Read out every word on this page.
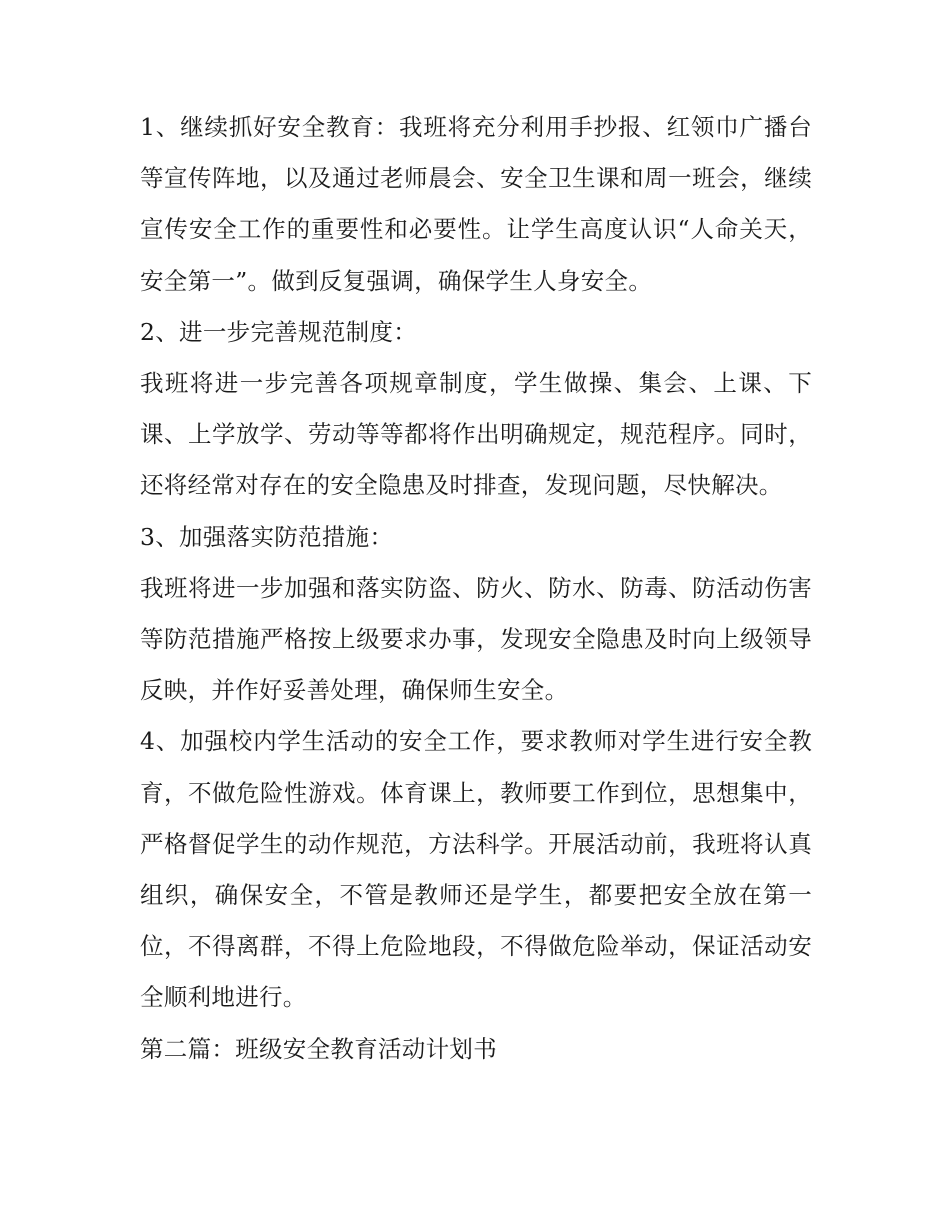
1、继续抓好安全教育：我班将充分利用手抄报、红领巾广播台等宣传阵地，以及通过老师晨会、安全卫生课和周一班会，继续宣传安全工作的重要性和必要性。让学生高度认识“人命关天，安全第一”。做到反复强调，确保学生人身安全。

2、进一步完善规范制度：

我班将进一步完善各项规章制度，学生做操、集会、上课、下课、上学放学、劳动等等都将作出明确规定，规范程序。同时，还将经常对存在的安全隐患及时排查，发现问题，尽快解决。

3、加强落实防范措施：

我班将进一步加强和落实防盗、防火、防水、防毒、防活动伤害等防范措施严格按上级要求办事，发现安全隐患及时向上级领导反映，并作好妥善处理，确保师生安全。

4、加强校内学生活动的安全工作，要求教师对学生进行安全教育，不做危险性游戏。体育课上，教师要工作到位，思想集中，严格督促学生的动作规范，方法科学。开展活动前，我班将认真组织，确保安全，不管是教师还是学生，都要把安全放在第一位，不得离群，不得上危险地段，不得做危险举动，保证活动安全顺利地进行。

第二篇：班级安全教育活动计划书
